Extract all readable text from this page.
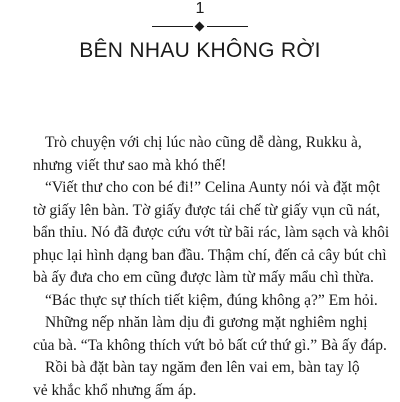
1
BÊN NHAU KHÔNG RỜI
Trò chuyện với chị lúc nào cũng dễ dàng, Rukku à,
nhưng viết thư sao mà khó thế!
“Viết thư cho con bé đi!” Celina Aunty nói và đặt một
tờ giấy lên bàn. Tờ giấy được tái chế từ giấy vụn cũ nát,
bẩn thỉu. Nó đã được cứu vớt từ bãi rác, làm sạch và khôi
phục lại hình dạng ban đầu. Thậm chí, đến cả cây bút chì
bà ấy đưa cho em cũng được làm từ mấy mẩu chì thừa.
“Bác thực sự thích tiết kiệm, đúng không ạ?” Em hỏi.
Những nếp nhăn làm dịu đi gương mặt nghiêm nghị
của bà. “Ta không thích vứt bỏ bất cứ thứ gì.” Bà ấy đáp.
Rồi bà đặt bàn tay ngăm đen lên vai em, bàn tay lộ
vẻ khắc khổ nhưng ấm áp.
